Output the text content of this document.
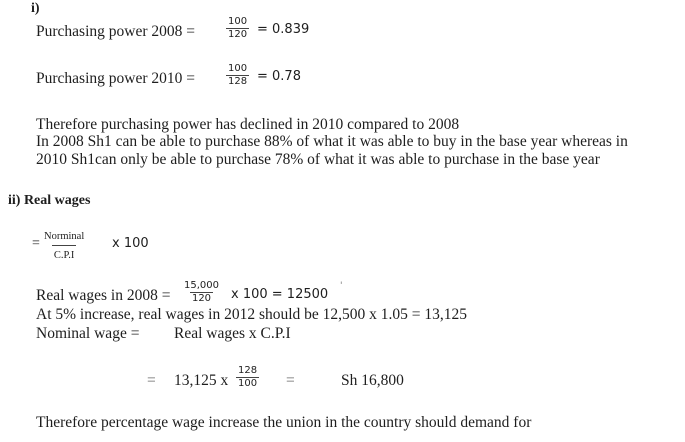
i)
Purchasing power 2008 =	$\frac{100}{120} = 0.839$
Purchasing power 2010 =	$\frac{100}{128} = 0.78$
Therefore purchasing power has declined in 2010 compared to 2008
In 2008 Sh1 can be able to purchase 88% of what it was able to buy in the base year whereas in
2010 Sh1can only be able to purchase 78% of what it was able to purchase in the base year
ii) Real wages
= Norminal
C.P.I
x 100
Real wages in $2008 = \frac{15,000}{120}$ x 100 = 12500
'
At 5% increase, real wages in 2012 should be 12,500 x 1.05 = 13,125
Nominal wage = Real wages x C.P.I
= 13,125 x $\frac{128}{100}$ =	Sh 16,800
Therefore percentage wage increase the union in the country should demand for
